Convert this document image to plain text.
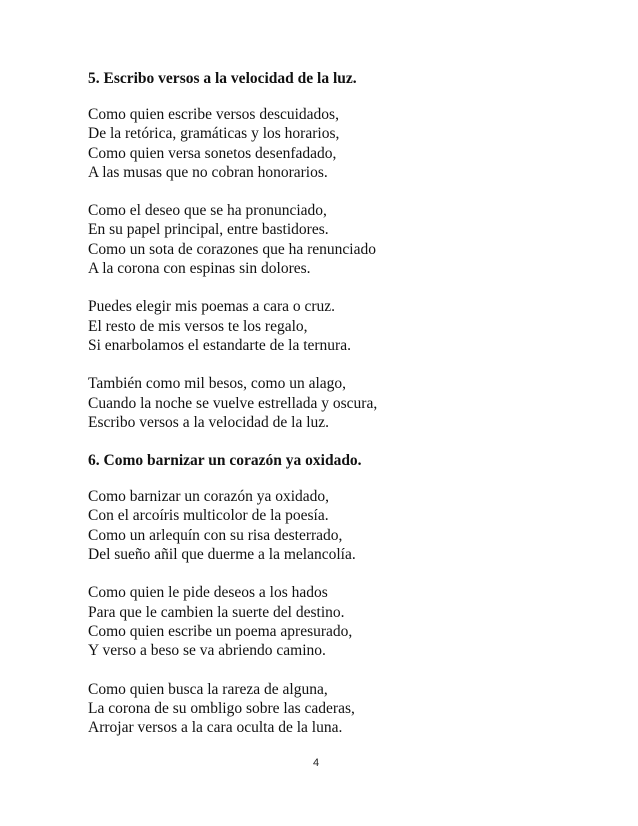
5. Escribo versos a la velocidad de la luz.

Como quien escribe versos descuidados,
De la retórica, gramáticas y los horarios,
Como quien versa sonetos desenfadado,
A las musas que no cobran honorarios.

Como el deseo que se ha pronunciado,
En su papel principal, entre bastidores.
Como un sota de corazones que ha renunciado
A la corona con espinas sin dolores.

Puedes elegir mis poemas a cara o cruz.
El resto de mis versos te los regalo,
Si enarbolamos el estandarte de la ternura.

También como mil besos, como un alago,
Cuando la noche se vuelve estrellada y oscura,
Escribo versos a la velocidad de la luz.

6. Como barnizar un corazón ya oxidado.

Como barnizar un corazón ya oxidado,
Con el arcoíris multicolor de la poesía.
Como un arlequín con su risa desterrado,
Del sueño añil que duerme a la melancolía.

Como quien le pide deseos a los hados
Para que le cambien la suerte del destino.
Como quien escribe un poema apresurado,
Y verso a beso se va abriendo camino.

Como quien busca la rareza de alguna,
La corona de su ombligo sobre las caderas,
Arrojar versos a la cara oculta de la luna.

4
